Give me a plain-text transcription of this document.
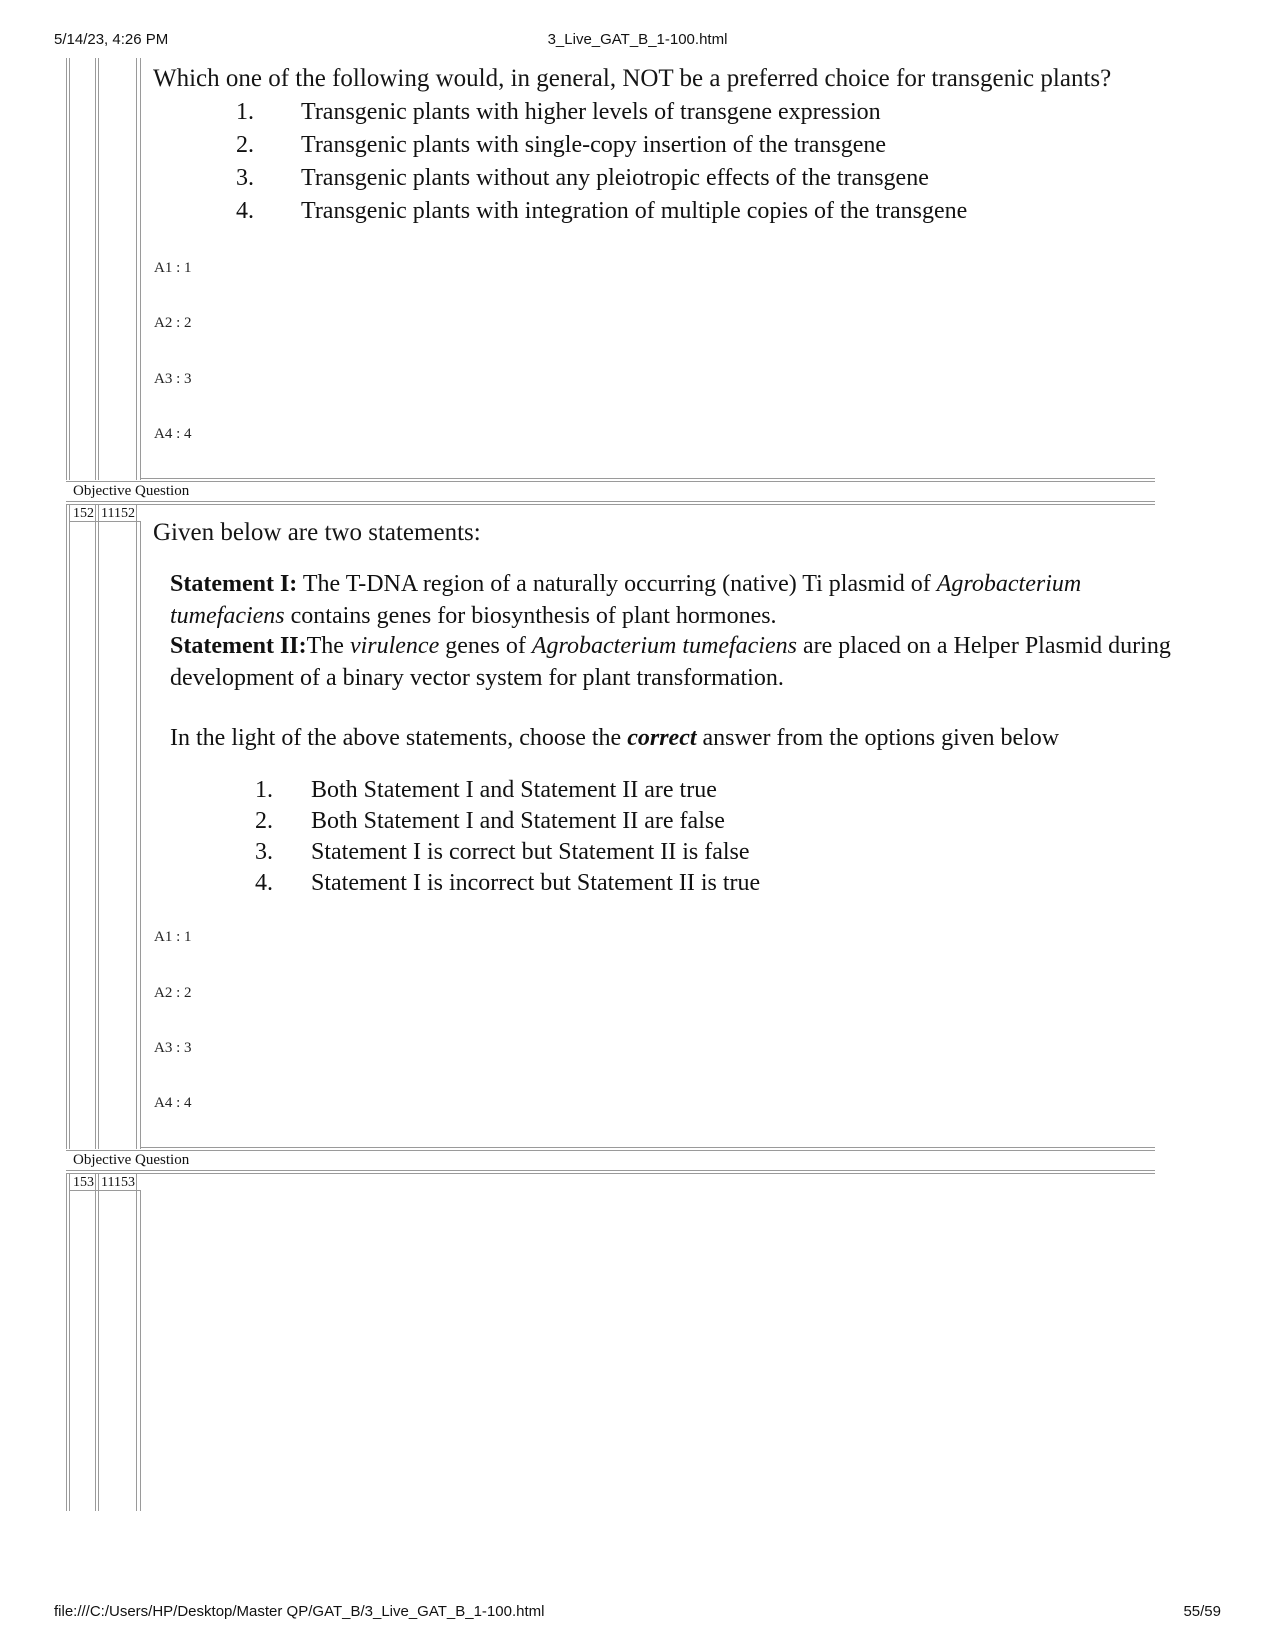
5/14/23, 4:26 PM	3_Live_GAT_B_1-100.html
Which one of the following would, in general, NOT be a preferred choice for transgenic plants?
1. Transgenic plants with higher levels of transgene expression
2. Transgenic plants with single-copy insertion of the transgene
3. Transgenic plants without any pleiotropic effects of the transgene
4. Transgenic plants with integration of multiple copies of the transgene
A1 : 1
A2 : 2
A3 : 3
A4 : 4
Objective Question
152 11152
Given below are two statements:
Statement I: The T-DNA region of a naturally occurring (native) Ti plasmid of Agrobacterium tumefaciens contains genes for biosynthesis of plant hormones.
Statement II:The virulence genes of Agrobacterium tumefaciens are placed on a Helper Plasmid during development of a binary vector system for plant transformation.
In the light of the above statements, choose the correct answer from the options given below
1. Both Statement I and Statement II are true
2. Both Statement I and Statement II are false
3. Statement I is correct but Statement II is false
4. Statement I is incorrect but Statement II is true
A1 : 1
A2 : 2
A3 : 3
A4 : 4
Objective Question
153 11153
file:///C:/Users/HP/Desktop/Master QP/GAT_B/3_Live_GAT_B_1-100.html	55/59
